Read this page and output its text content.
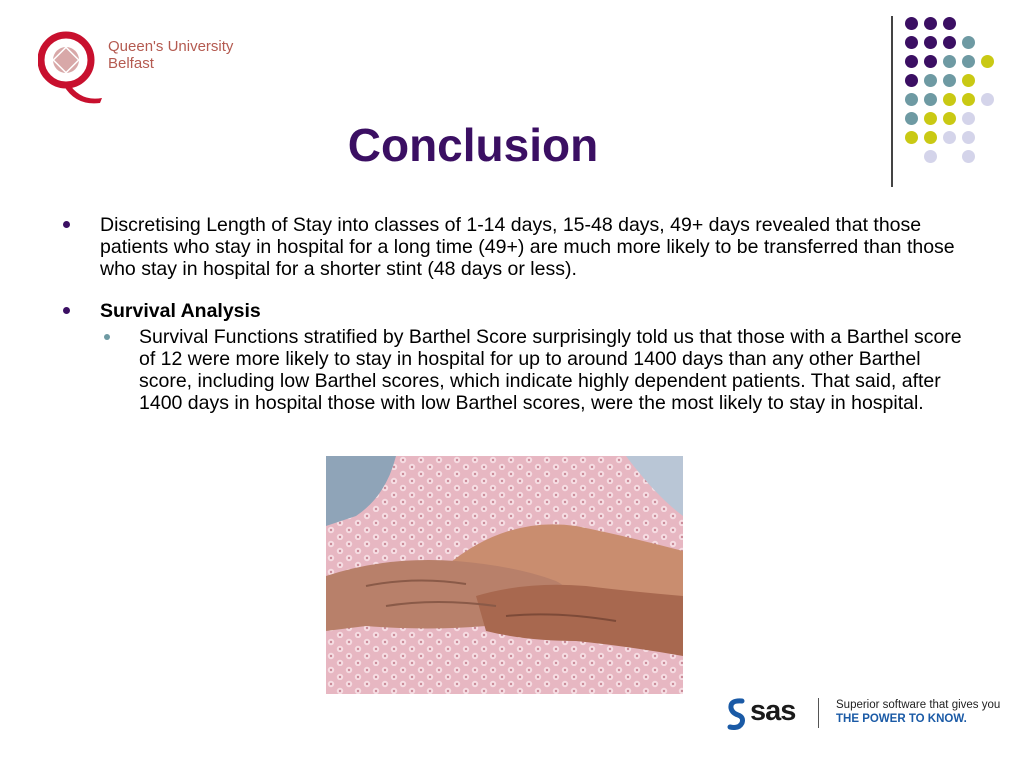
Queen's University
Belfast
Conclusion
Discretising Length of Stay into classes of 1-14 days, 15-48 days, 49+ days revealed that those patients who stay in hospital for a long time (49+) are much more likely to be transferred than those who stay in hospital for a shorter stint (48 days or less).
Survival Analysis
Survival Functions stratified by Barthel Score surprisingly told us that those with a Barthel score of 12 were more likely to stay in hospital for up to around 1400 days than any other Barthel score, including low Barthel scores, which indicate highly dependent patients. That said, after 1400 days in hospital those with low Barthel scores, were the most likely to stay in hospital.
sas	Superior software that gives you
THE POWER TO KNOW.
